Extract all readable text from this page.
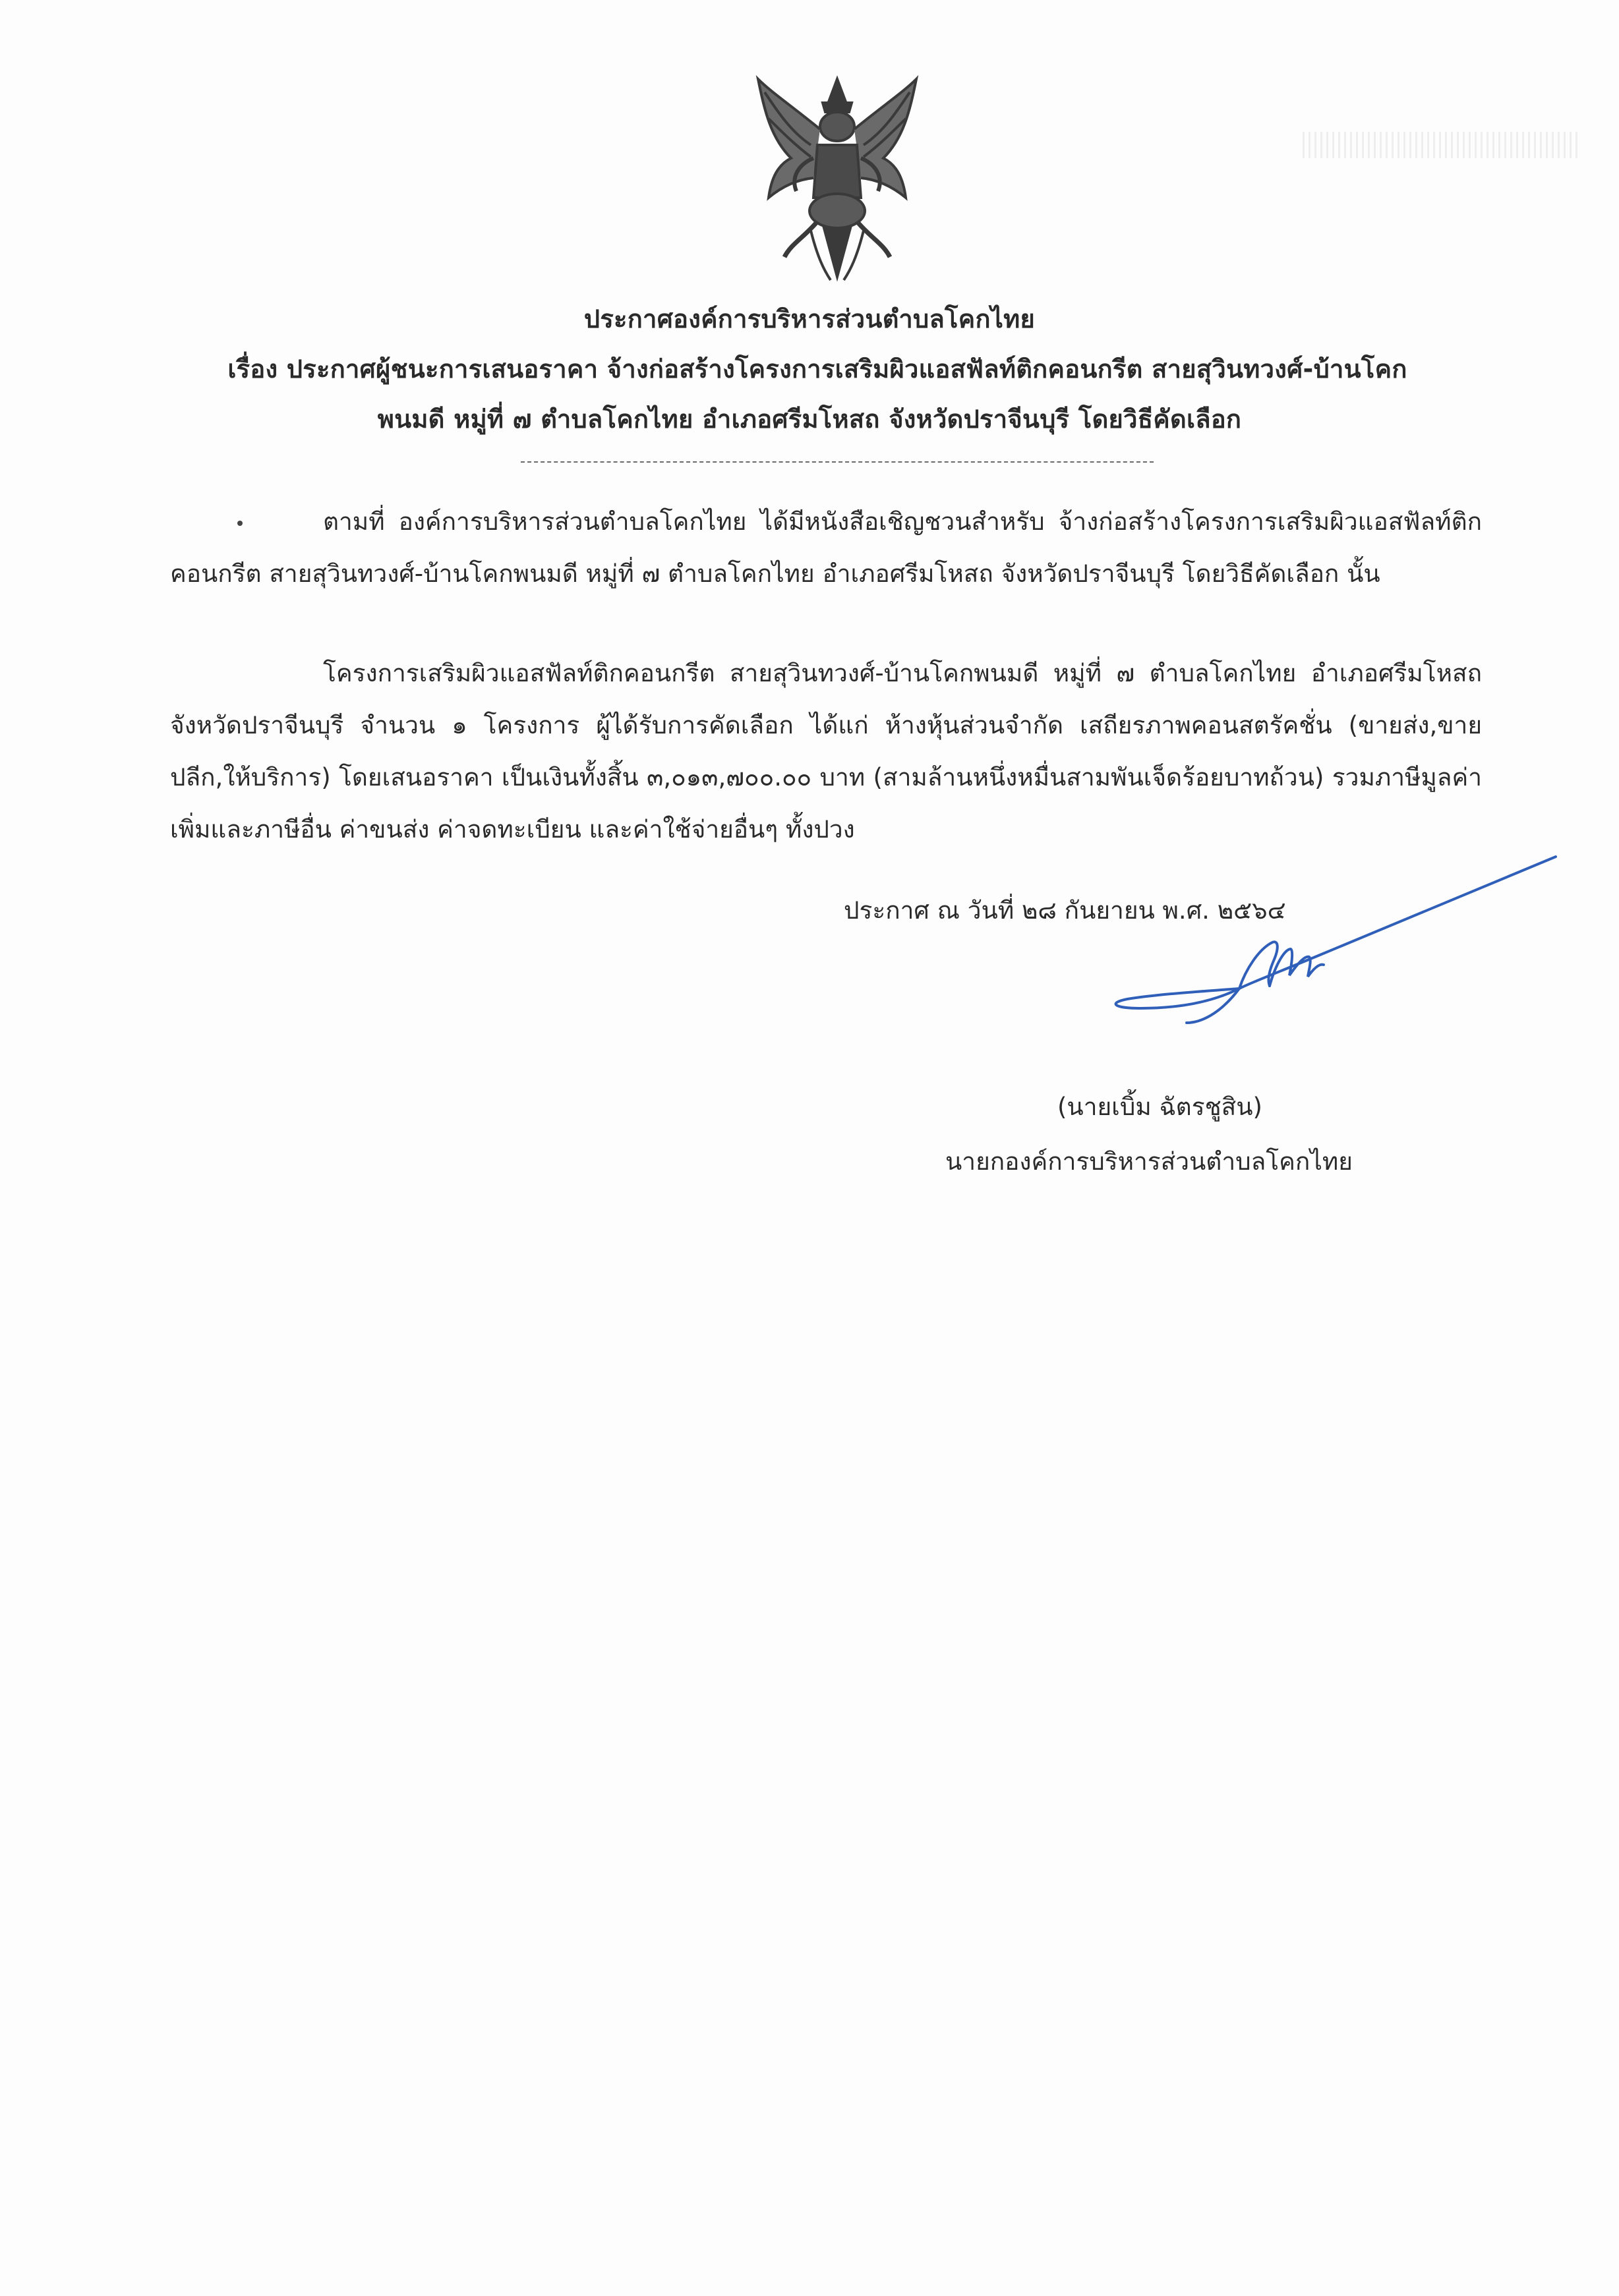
ประกาศองค์การบริหารส่วนตำบลโคกไทย
เรื่อง ประกาศผู้ชนะการเสนอราคา จ้างก่อสร้างโครงการเสริมผิวแอสฟัลท์ติกคอนกรีต สายสุวินทวงศ์-บ้านโคก
พนมดี หมู่ที่ ๗ ตำบลโคกไทย อำเภอศรีมโหสถ จังหวัดปราจีนบุรี โดยวิธีคัดเลือก
ตามที่ องค์การบริหารส่วนตำบลโคกไทย ได้มีหนังสือเชิญชวนสำหรับ จ้างก่อสร้างโครงการเสริมผิวแอสฟัลท์ติกคอนกรีต สายสุวินทวงศ์-บ้านโคกพนมดี หมู่ที่ ๗ ตำบลโคกไทย อำเภอศรีมโหสถ จังหวัดปราจีนบุรี โดยวิธีคัดเลือก นั้น
โครงการเสริมผิวแอสฟัลท์ติกคอนกรีต สายสุวินทวงศ์-บ้านโคกพนมดี หมู่ที่ ๗ ตำบลโคกไทย อำเภอศรีมโหสถ จังหวัดปราจีนบุรี จำนวน ๑ โครงการ ผู้ได้รับการคัดเลือก ได้แก่ ห้างหุ้นส่วนจำกัด เสถียรภาพคอนสตรัคชั่น (ขายส่ง,ขายปลีก,ให้บริการ) โดยเสนอราคา เป็นเงินทั้งสิ้น ๓,๐๑๓,๗๐๐.๐๐ บาท (สามล้านหนึ่งหมื่นสามพันเจ็ดร้อยบาทถ้วน) รวมภาษีมูลค่าเพิ่มและภาษีอื่น ค่าขนส่ง ค่าจดทะเบียน และค่าใช้จ่ายอื่นๆ ทั้งปวง
ประกาศ ณ วันที่ ๒๘ กันยายน พ.ศ. ๒๕๖๔
(นายเบิ้ม ฉัตรชูสิน)
นายกองค์การบริหารส่วนตำบลโคกไทย
